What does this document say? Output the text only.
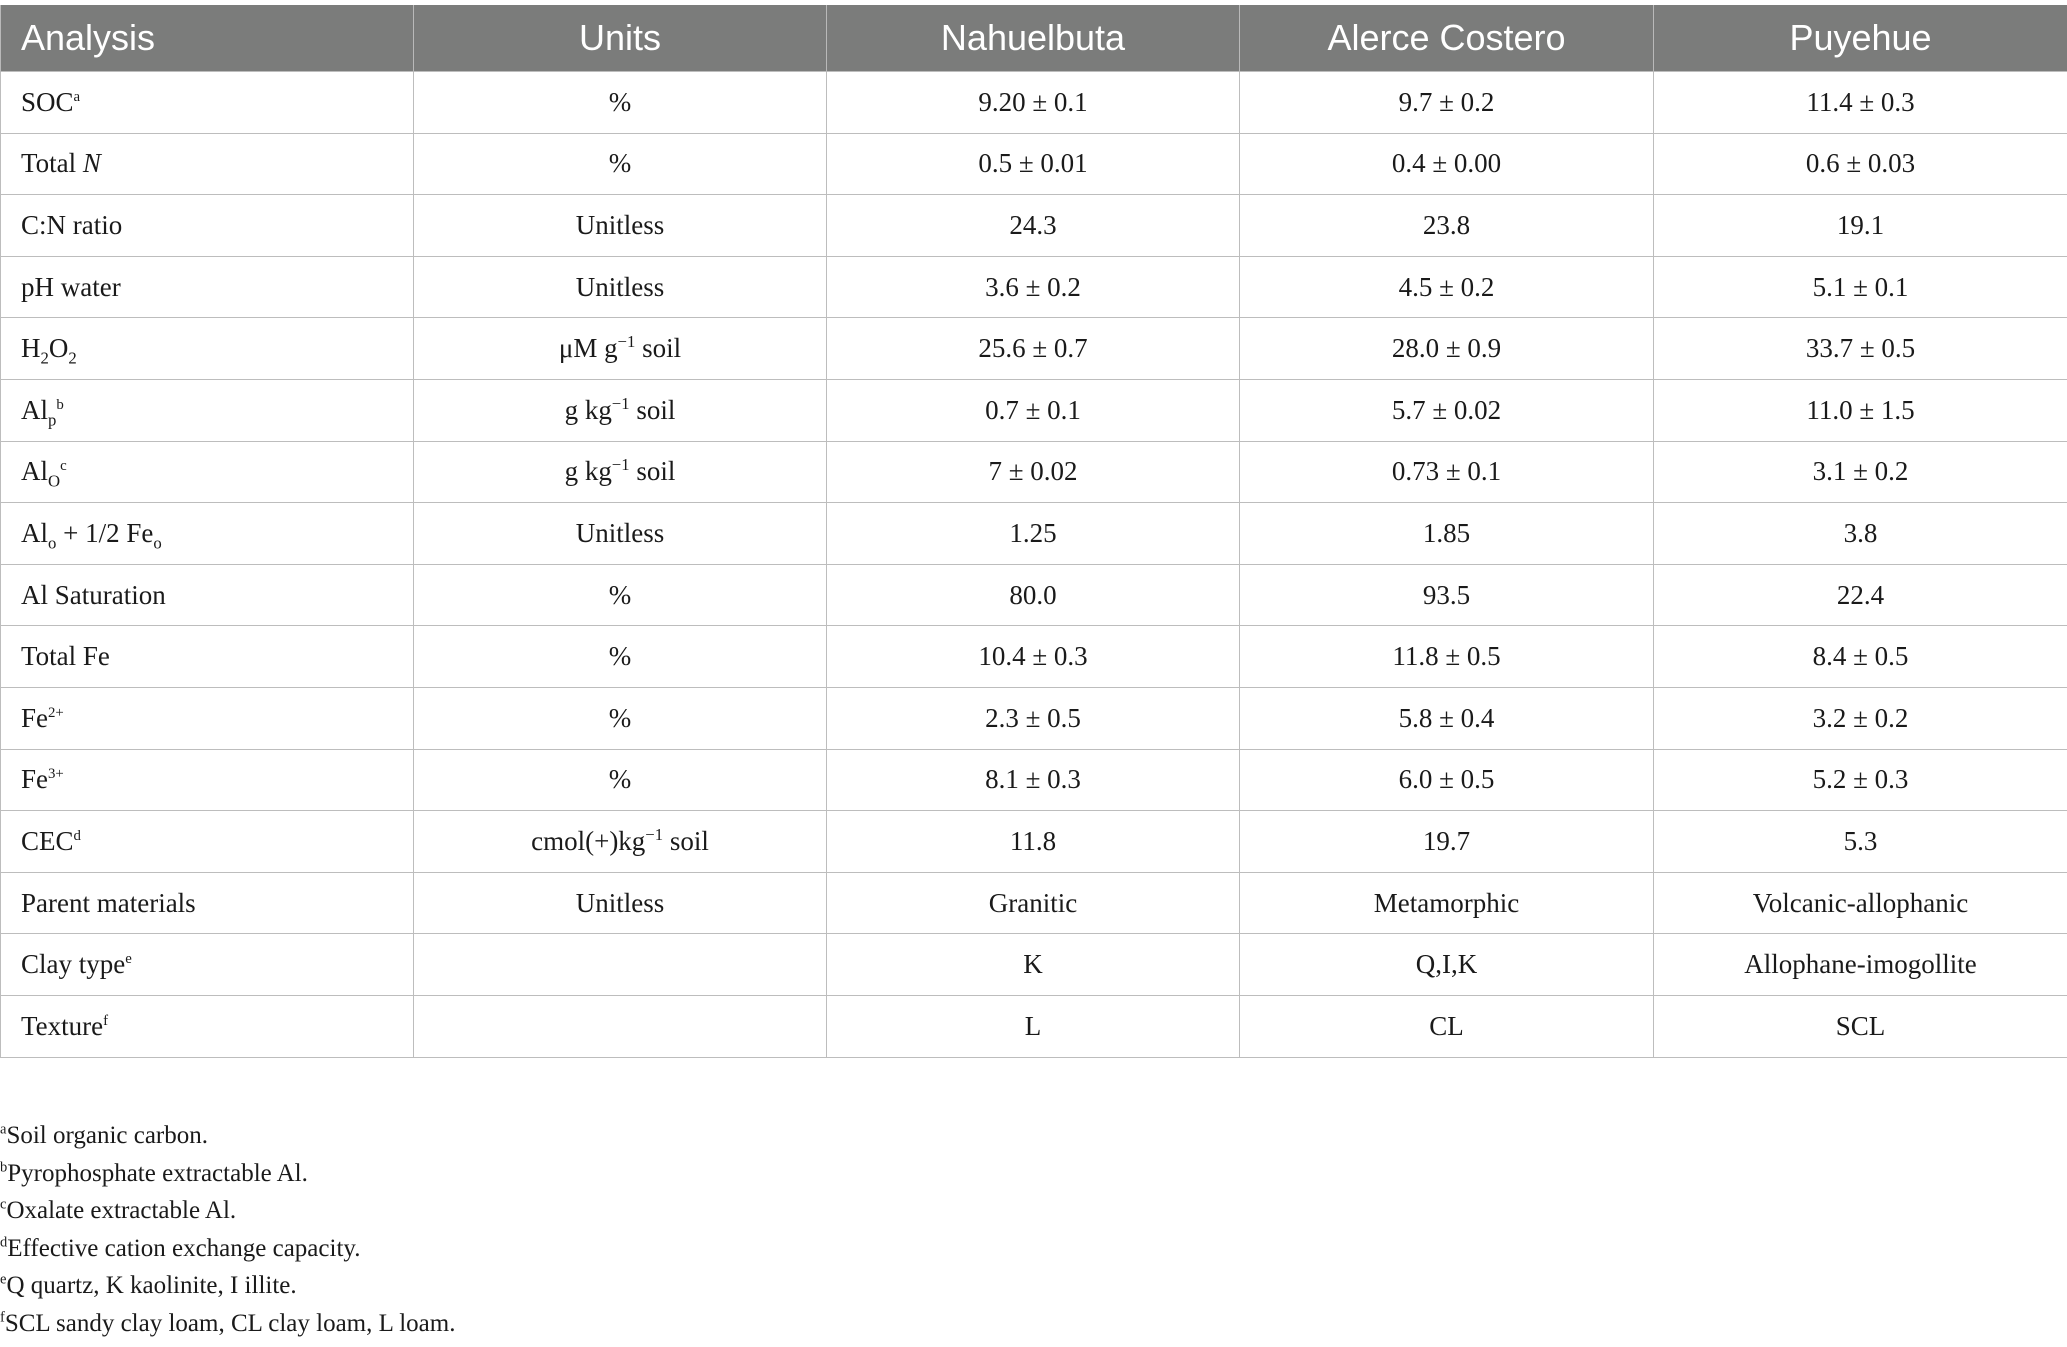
Analysis	Units	Nahuelbuta	Alerce Costero	Puyehue
SOC$^a$	%	9.20 ± 0.1	9.7 ± 0.2	11.4 ± 0.3
Total N	%	0.5 ± 0.01	0.4 ± 0.00	0.6 ± 0.03
C:N ratio	Unitless	24.3	23.8	19.1
pH water	Unitless	3.6 ± 0.2	4.5 ± 0.2	5.1 ± 0.1
$H_2O_2$	μM $g^{-1}$ soil	25.6 ± 0.7	28.0 ± 0.9	33.7 ± 0.5
$Al_p^b$	g $kg^{-1}$ soil	0.7 ± 0.1	5.7 ± 0.02	11.0 ± 1.5
$Al_O^c$	g $kg^{-1}$ soil	7 ± 0.02	0.73 ± 0.1	3.1 ± 0.2
$Al_o + 1/2$ $Fe_o$	Unitless	1.25	1.85	3.8
Al Saturation	%	80.0	93.5	22.4
Total Fe	%	10.4 ± 0.3	11.8 ± 0.5	8.4 ± 0.5
Fe$^{2+}$	%	2.3 ± 0.5	5.8 ± 0.4	3.2 ± 0.2
Fe$^{3+}$	%	8.1 ± 0.3	6.0 ± 0.5	5.2 ± 0.3
CEC$^d$	$cmol(+)kg^{-1}$ soil	11.8	19.7	5.3
Parent materials	Unitless	Granitic	Metamorphic	Volcanic-allophanic
Clay type$^e$		K	Q,I,K	Allophane-imogollite
Texture$^f$		L	CL	SCL
$^a$Soil organic carbon.
$^b$Pyrophosphate extractable Al.
$^c$Oxalate extractable Al.
$^d$Effective cation exchange capacity.
$^e$Q quartz, K kaolinite, I illite.
$^f$SCL sandy clay loam, CL clay loam, L loam.
